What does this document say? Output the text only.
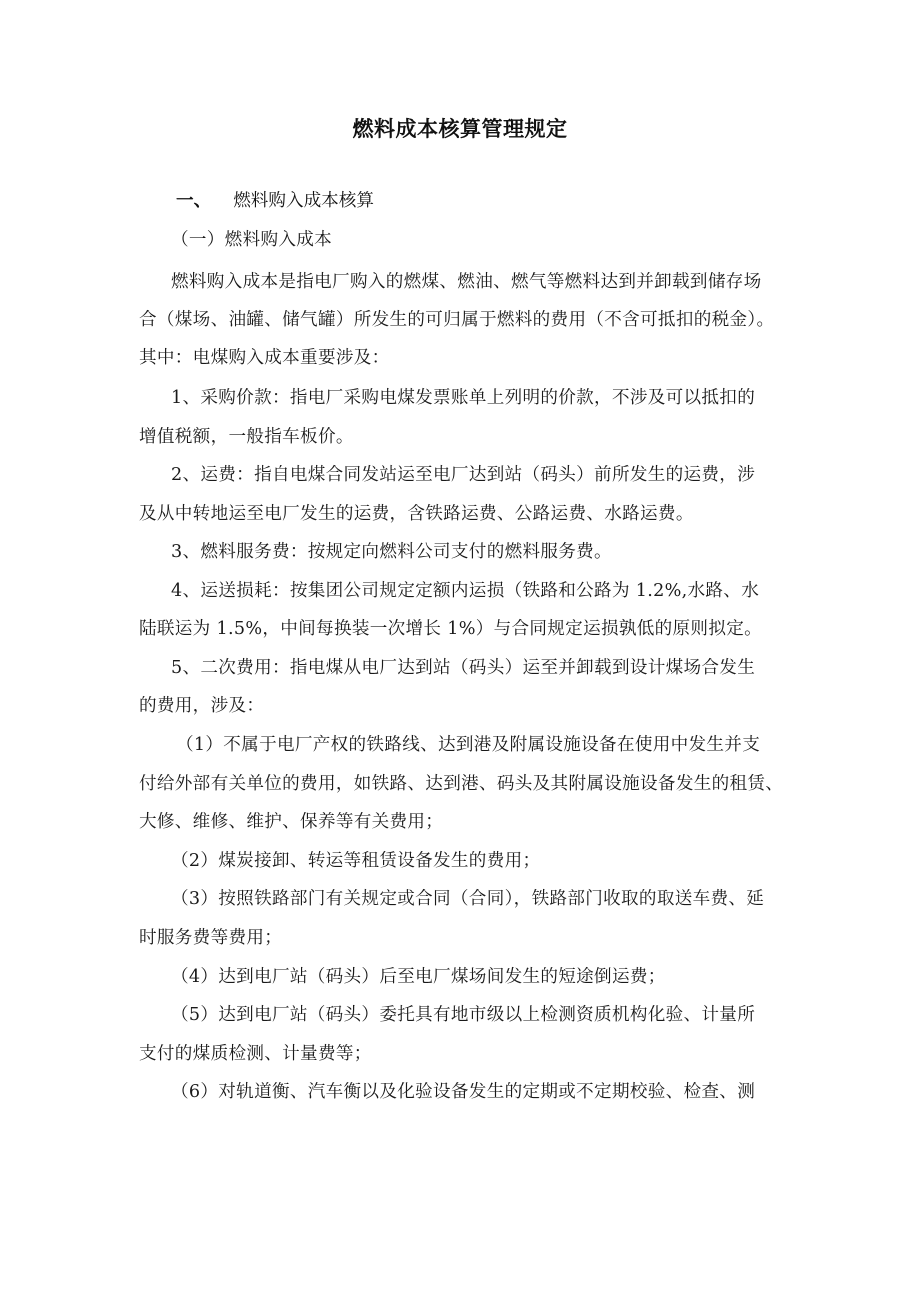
燃料成本核算管理规定
一、 燃料购入成本核算
（一）燃料购入成本
燃料购入成本是指电厂购入的燃煤、燃油、燃气等燃料达到并卸载到储存场
合（煤场、油罐、储气罐）所发生的可归属于燃料的费用（不含可抵扣的税金）。
其中：电煤购入成本重要涉及：
1、采购价款：指电厂采购电煤发票账单上列明的价款，不涉及可以抵扣的
增值税额，一般指车板价。
2、运费：指自电煤合同发站运至电厂达到站（码头）前所发生的运费，涉
及从中转地运至电厂发生的运费，含铁路运费、公路运费、水路运费。
3、燃料服务费：按规定向燃料公司支付的燃料服务费。
4、运送损耗：按集团公司规定定额内运损（铁路和公路为 1.2%,水路、水
陆联运为 1.5%，中间每换装一次增长 1%）与合同规定运损孰低的原则拟定。
5、二次费用：指电煤从电厂达到站（码头）运至并卸载到设计煤场合发生
的费用，涉及：
（1）不属于电厂产权的铁路线、达到港及附属设施设备在使用中发生并支
付给外部有关单位的费用，如铁路、达到港、码头及其附属设施设备发生的租赁、
大修、维修、维护、保养等有关费用；
（2）煤炭接卸、转运等租赁设备发生的费用；
（3）按照铁路部门有关规定或合同（合同），铁路部门收取的取送车费、延
时服务费等费用；
（4）达到电厂站（码头）后至电厂煤场间发生的短途倒运费；
（5）达到电厂站（码头）委托具有地市级以上检测资质机构化验、计量所
支付的煤质检测、计量费等；
（6）对轨道衡、汽车衡以及化验设备发生的定期或不定期校验、检查、测
